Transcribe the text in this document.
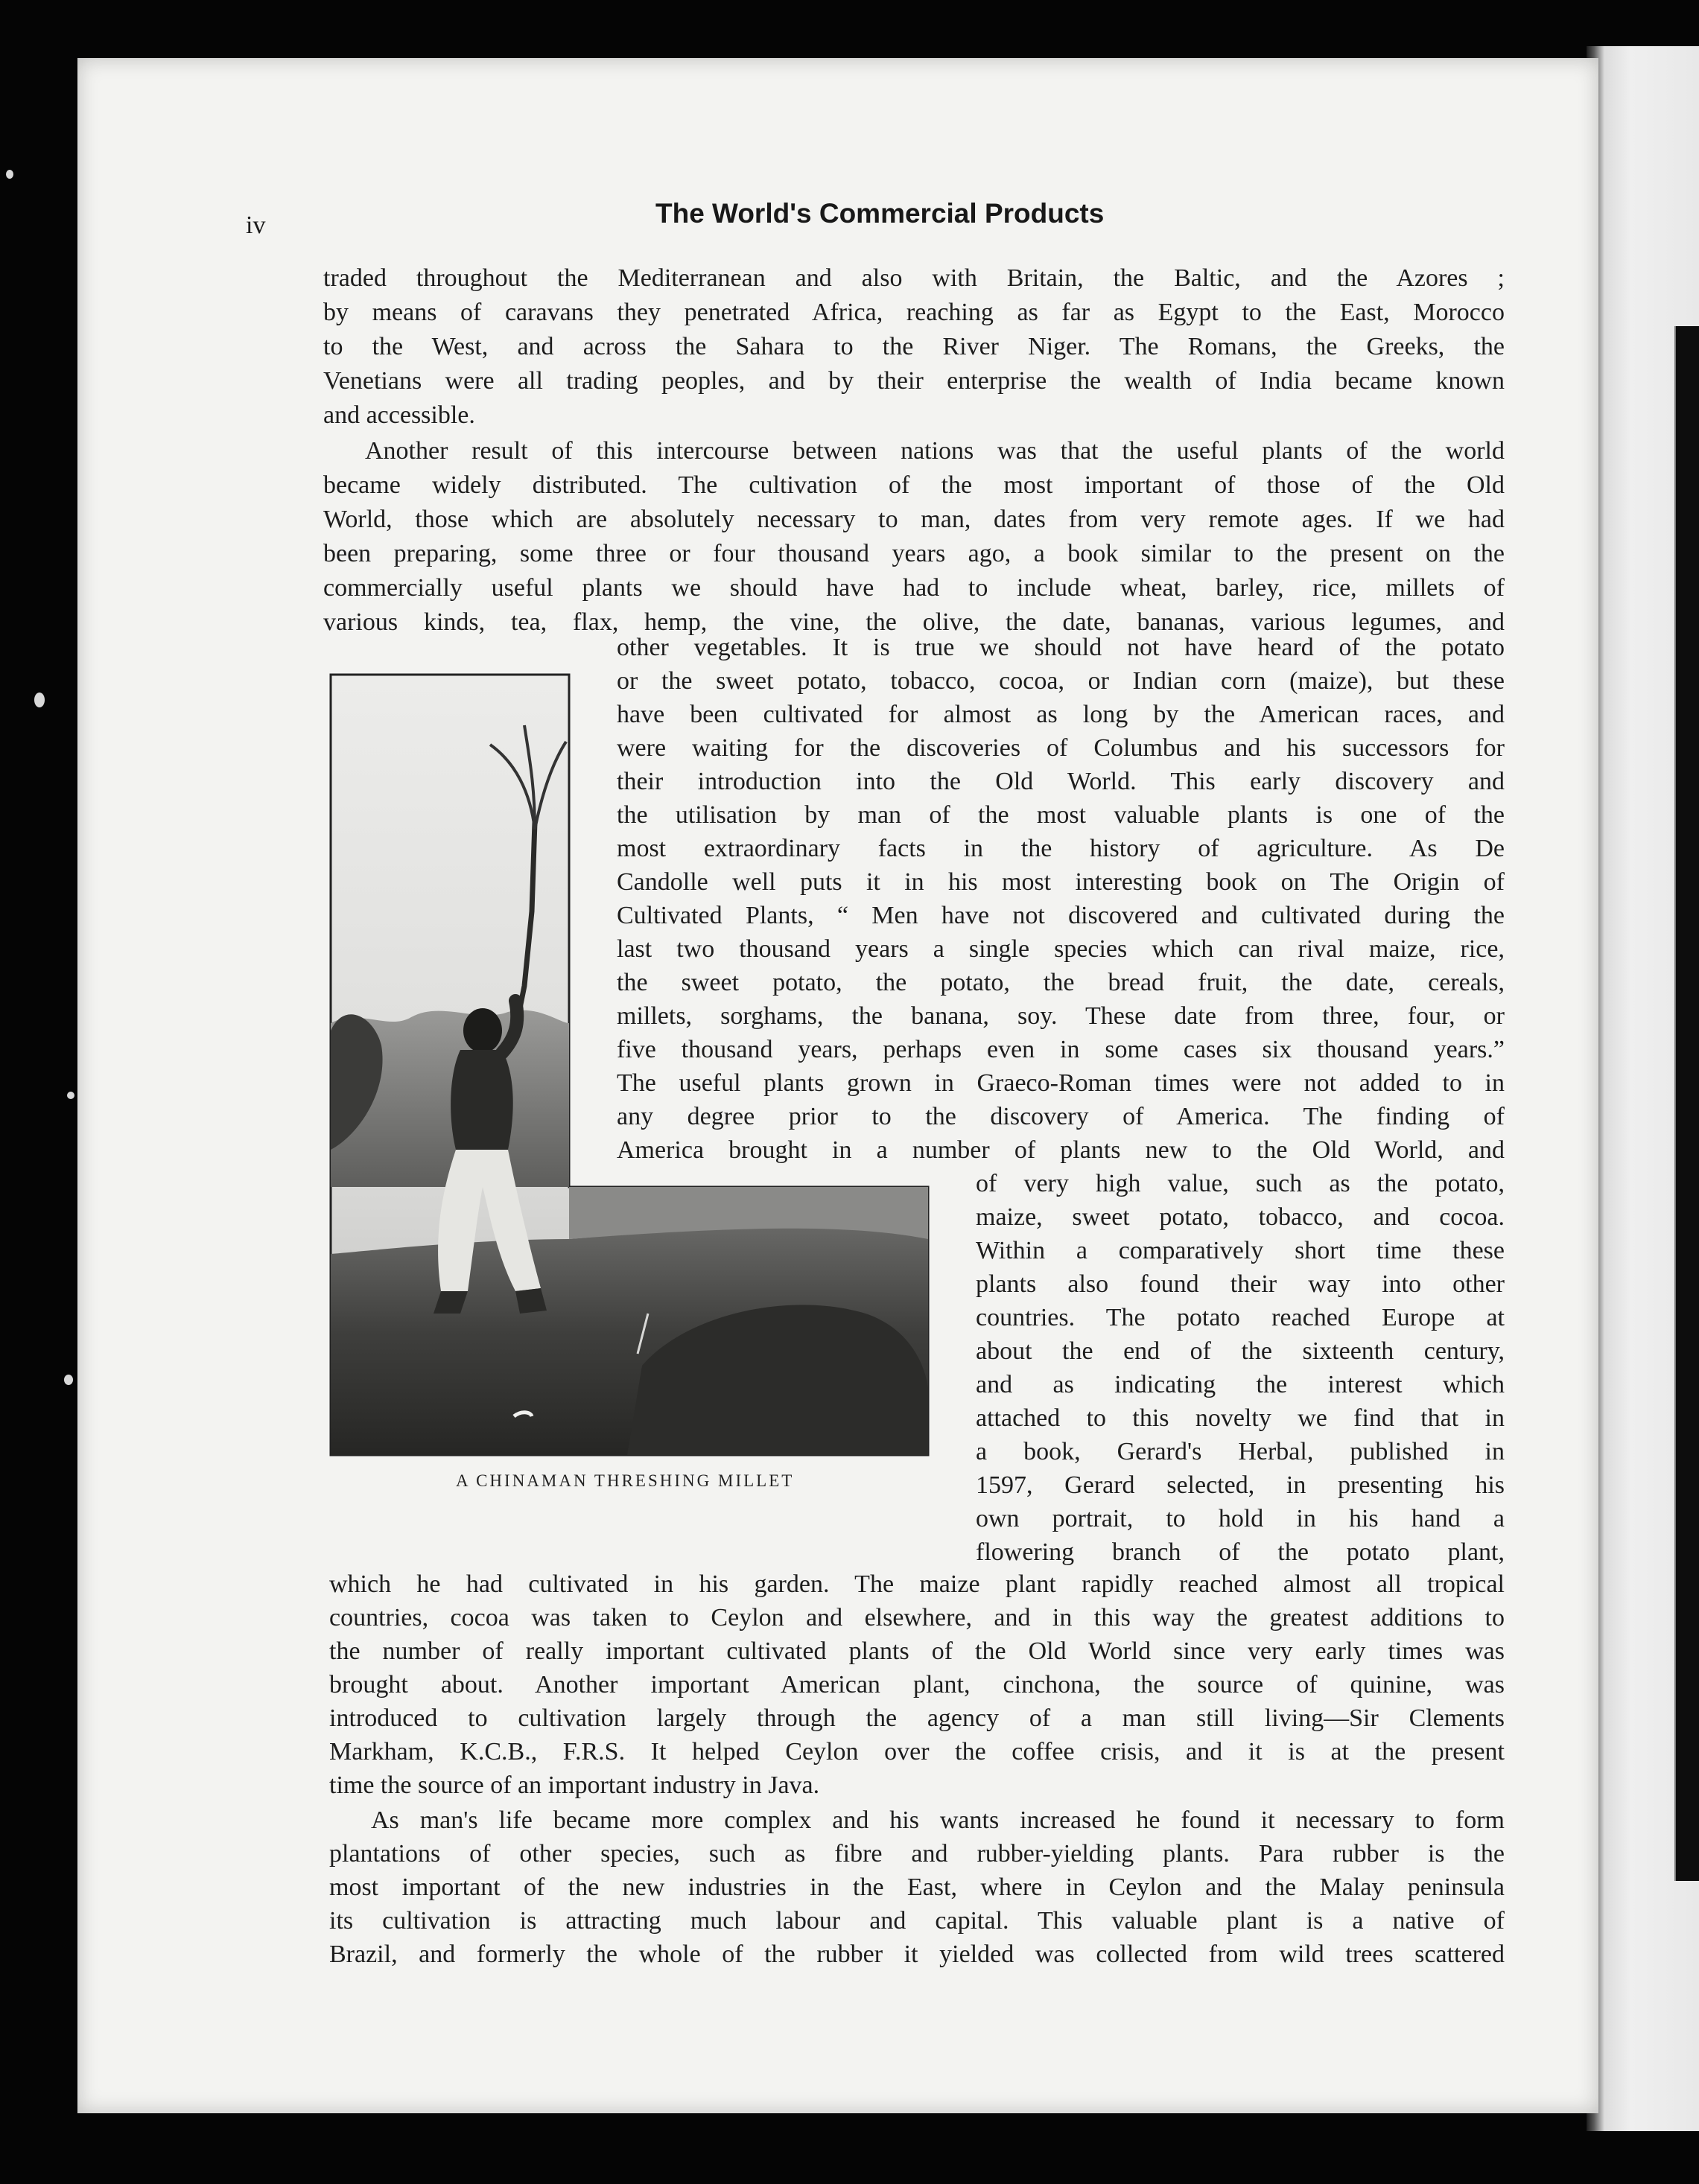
iv	The World's Commercial Products
A CHINAMAN THRESHING MILLET

traded throughout the Mediterranean and also with Britain, the Baltic, and the Azores ;

by means of caravans they penetrated Africa, reaching as far as Egypt to the East, Morocco

to the West, and across the Sahara to the River Niger. The Romans, the Greeks, the

Venetians were all trading peoples, and by their enterprise the wealth of India became known

and accessible.

Another result of this intercourse between nations was that the useful plants of the world

became widely distributed. The cultivation of the most important of those of the Old

World, those which are absolutely necessary to man, dates from very remote ages. If we had

been preparing, some three or four thousand years ago, a book similar to the present on the

commercially useful plants we should have had to include wheat, barley, rice, millets of

various kinds, tea, flax, hemp, the vine, the olive, the date, bananas, various legumes, and

other vegetables. It is true we should not have heard of the potato

or the sweet potato, tobacco, cocoa, or Indian corn (maize), but these

have been cultivated for almost as long by the American races, and

were waiting for the discoveries of Columbus and his successors for

their introduction into the Old World. This early discovery and

the utilisation by man of the most valuable plants is one of the

most extraordinary facts in the history of agriculture. As De

Candolle well puts it in his most interesting book on The Origin of

Cultivated Plants, “ Men have not discovered and cultivated during the

last two thousand years a single species which can rival maize, rice,

the sweet potato, the potato, the bread fruit, the date, cereals,

millets, sorghams, the banana, soy. These date from three, four, or

five thousand years, perhaps even in some cases six thousand years.”

The useful plants grown in Graeco-Roman times were not added to in

any degree prior to the discovery of America. The finding of

America brought in a number of plants new to the Old World, and

of very high value, such as the potato,

maize, sweet potato, tobacco, and cocoa.

Within a comparatively short time these

plants also found their way into other

countries. The potato reached Europe at

about the end of the sixteenth century,

and as indicating the interest which

attached to this novelty we find that in

a book, Gerard's Herbal, published in

1597, Gerard selected, in presenting his

own portrait, to hold in his hand a

flowering branch of the potato plant,

which he had cultivated in his garden. The maize plant rapidly reached almost all tropical

countries, cocoa was taken to Ceylon and elsewhere, and in this way the greatest additions to

the number of really important cultivated plants of the Old World since very early times was

brought about. Another important American plant, cinchona, the source of quinine, was

introduced to cultivation largely through the agency of a man still living—Sir Clements

Markham, K.C.B., F.R.S. It helped Ceylon over the coffee crisis, and it is at the present

time the source of an important industry in Java.

As man's life became more complex and his wants increased he found it necessary to form

plantations of other species, such as fibre and rubber-yielding plants. Para rubber is the

most important of the new industries in the East, where in Ceylon and the Malay peninsula

its cultivation is attracting much labour and capital. This valuable plant is a native of

Brazil, and formerly the whole of the rubber it yielded was collected from wild trees scattered
